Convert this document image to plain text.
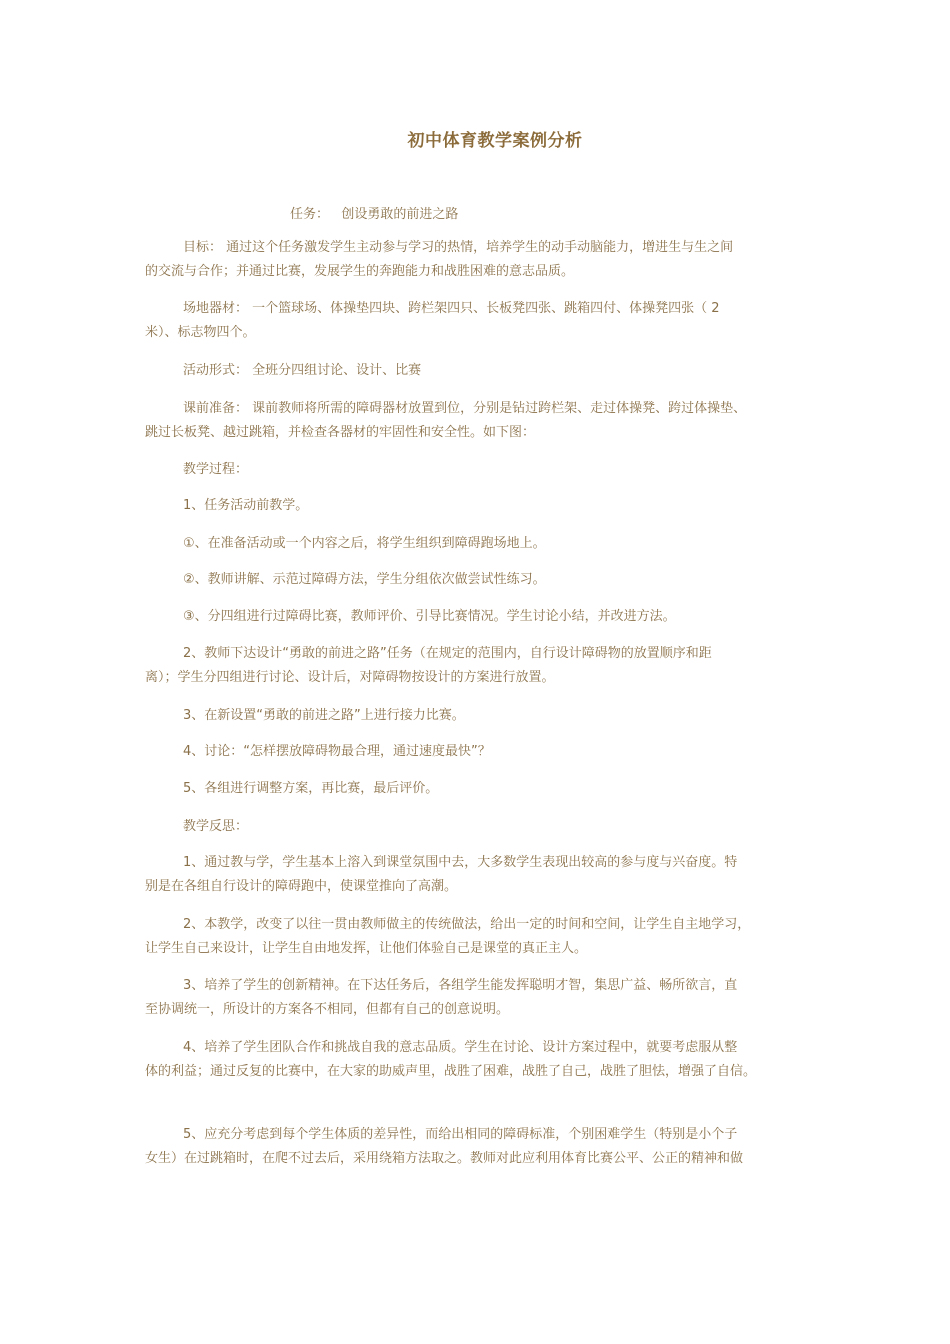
初中体育教学案例分析
任务：   创设勇敢的前进之路
目标： 通过这个任务激发学生主动参与学习的热情，培养学生的动手动脑能力，增进生与生之间
的交流与合作；并通过比赛，发展学生的奔跑能力和战胜困难的意志品质。
场地器材： 一个篮球场、体操垫四块、跨栏架四只、长板凳四张、跳箱四付、体操凳四张（ 2
米）、标志物四个。
活动形式： 全班分四组讨论、设计、比赛
课前准备： 课前教师将所需的障碍器材放置到位，分别是钻过跨栏架、走过体操凳、跨过体操垫、
跳过长板凳、越过跳箱，并检查各器材的牢固性和安全性。如下图：
教学过程：
1、任务活动前教学。
①、在准备活动或一个内容之后，将学生组织到障碍跑场地上。
②、教师讲解、示范过障碍方法，学生分组依次做尝试性练习。
③、分四组进行过障碍比赛，教师评价、引导比赛情况。学生讨论小结，并改进方法。
2、教师下达设计“勇敢的前进之路”任务（在规定的范围内，自行设计障碍物的放置顺序和距
离）；学生分四组进行讨论、设计后，对障碍物按设计的方案进行放置。
3、在新设置“勇敢的前进之路”上进行接力比赛。
4、讨论：“怎样摆放障碍物最合理，通过速度最快”？
5、各组进行调整方案，再比赛，最后评价。
教学反思：
1、通过教与学，学生基本上溶入到课堂氛围中去，大多数学生表现出较高的参与度与兴奋度。特
别是在各组自行设计的障碍跑中，使课堂推向了高潮。
2、本教学，改变了以往一贯由教师做主的传统做法，给出一定的时间和空间，让学生自主地学习，
让学生自己来设计，让学生自由地发挥，让他们体验自己是课堂的真正主人。
3、培养了学生的创新精神。在下达任务后，各组学生能发挥聪明才智，集思广益、畅所欲言，直
至协调统一，所设计的方案各不相同，但都有自己的创意说明。
4、培养了学生团队合作和挑战自我的意志品质。学生在讨论、设计方案过程中，就要考虑服从整
体的利益；通过反复的比赛中，在大家的助威声里，战胜了困难，战胜了自己，战胜了胆怯，增强了自信。
5、应充分考虑到每个学生体质的差异性，而给出相同的障碍标准，个别困难学生（特别是小个子
女生）在过跳箱时，在爬不过去后，采用绕箱方法取之。教师对此应利用体育比赛公平、公正的精神和做
